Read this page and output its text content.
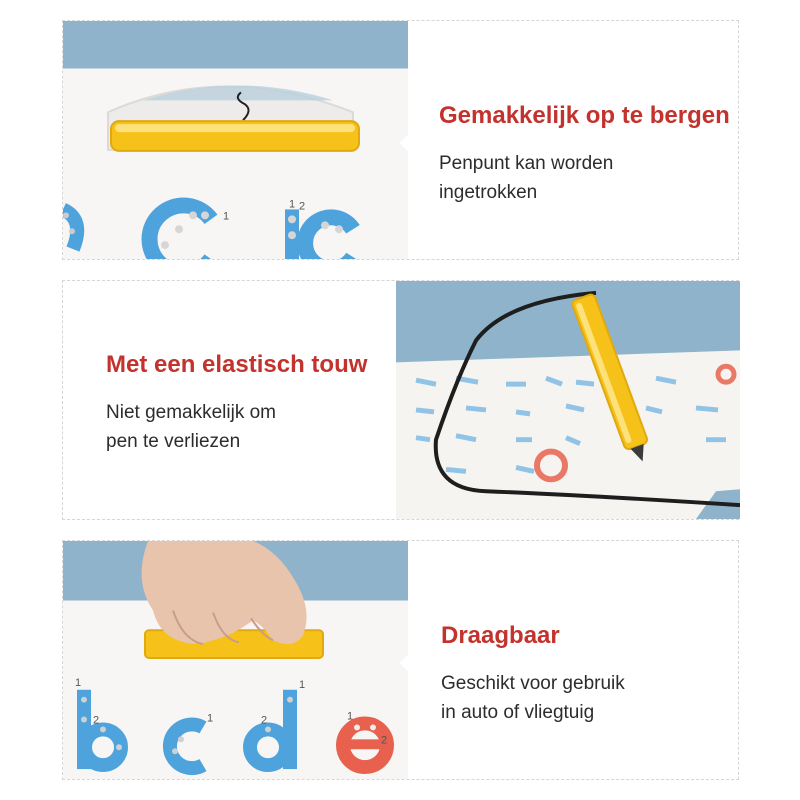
1
1 2

Gemakkelijk op te bergen

Penpunt kan worden
ingetrokken

Met een elastisch touw

Niet gemakkelijk om
pen te verliezen

1
2	1
1
2	1
2

Draagbaar

Geschikt voor gebruik
in auto of vliegtuig
